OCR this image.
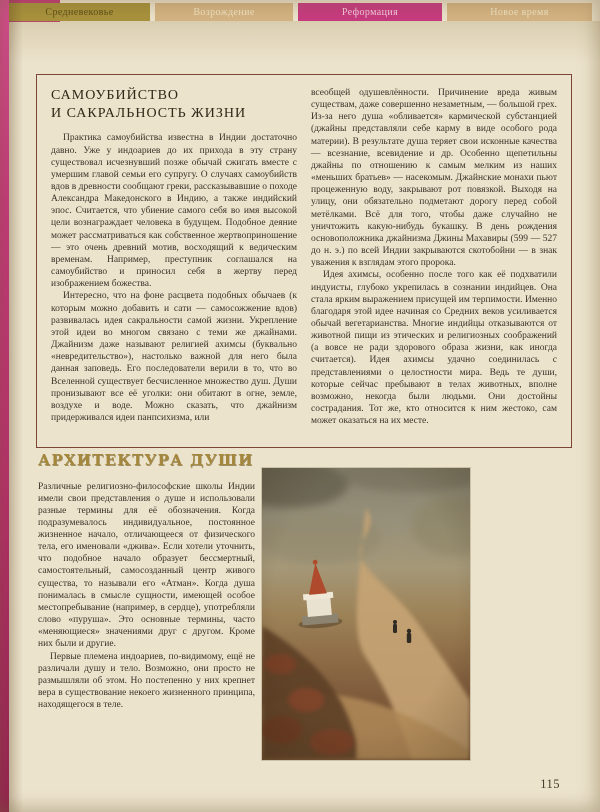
Средневековье	Возрождение	Реформация	Новое время
САМОУБИЙСТВО
И САКРАЛЬНОСТЬ ЖИЗНИ

Практика самоубийства известна в Индии достаточно давно. Уже у индоариев до их прихода в эту страну существовал исчезнувший позже обычай сжигать вместе с умершим главой семьи его супругу. О случаях самоубийств вдов в древности сообщают греки, рассказывавшие о походе Александра Македонского в Индию, а также индийский эпос. Считается, что убиение самого себя во имя высокой цели вознаграждает человека в будущем. Подобное деяние может рассматриваться как собственное жертвоприношение — это очень древний мотив, восходящий к ведическим временам. Например, преступник соглашался на самоубийство и приносил себя в жертву перед изображением божества.

Интересно, что на фоне расцвета подобных обычаев (к которым можно добавить и сати — самосожжение вдов) развивалась идея сакральности самой жизни. Укрепление этой идеи во многом связано с теми же джайнами. Джайнизм даже называют религией ахимсы (буквально «невредительство»), настолько важной для него была данная заповедь. Его последователи верили в то, что во Вселенной существует бесчисленное множество душ. Души пронизывают все её уголки: они обитают в огне, земле, воздухе и воде. Можно сказать, что джайнизм придерживался идеи панпсихизма, или

всеобщей одушевлённости. Причинение вреда живым существам, даже совершенно незаметным, — большой грех. Из-за него душа «обливается» кармической субстанцией (джайны представляли себе карму в виде особого рода материи). В результате душа теряет свои исконные качества — всезнание, всевидение и др. Особенно щепетильны джайны по отношению к самым мелким из наших «меньших братьев» — насекомым. Джайнские монахи пьют процеженную воду, закрывают рот повязкой. Выходя на улицу, они обязательно подметают дорогу перед собой метёлками. Всё для того, чтобы даже случайно не уничтожить какую-нибудь букашку. В день рождения основоположника джайнизма Джины Махавиры (599 — 527 до н. э.) по всей Индии закрываются скотобойни — в знак уважения к взглядам этого пророка.

Идея ахимсы, особенно после того как её подхватили индуисты, глубоко укрепилась в сознании индийцев. Она стала ярким выражением присущей им терпимости. Именно благодаря этой идее начиная со Средних веков усиливается обычай вегетарианства. Многие индийцы отказываются от животной пищи из этических и религиозных соображений (а вовсе не ради здорового образа жизни, как иногда считается). Идея ахимсы удачно соединилась с представлениями о целостности мира. Ведь те души, которые сейчас пребывают в телах животных, вполне возможно, некогда были людьми. Они достойны сострадания. Тот же, кто относится к ним жестоко, сам может оказаться на их месте.

АРХИТЕКТУРА ДУШИ

Различные религиозно-философские школы Индии имели свои представления о душе и использовали разные термины для её обозначения. Когда подразумевалось индивидуальное, постоянное жизненное начало, отличающееся от физического тела, его именовали «джива». Если хотели уточнить, что подобное начало образует бессмертный, самостоятельный, самосозданный центр живого существа, то называли его «Атман». Когда душа понималась в смысле сущности, имеющей особое местопребывание (например, в сердце), употребляли слово «пуруша». Это основные термины, часто «меняющиеся» значениями друг с другом. Кроме них были и другие.

Первые племена индоариев, по-видимому, ещё не различали душу и тело. Возможно, они просто не размышляли об этом. Но постепенно у них крепнет вера в существование некоего жизненного принципа, находящегося в теле.

115
